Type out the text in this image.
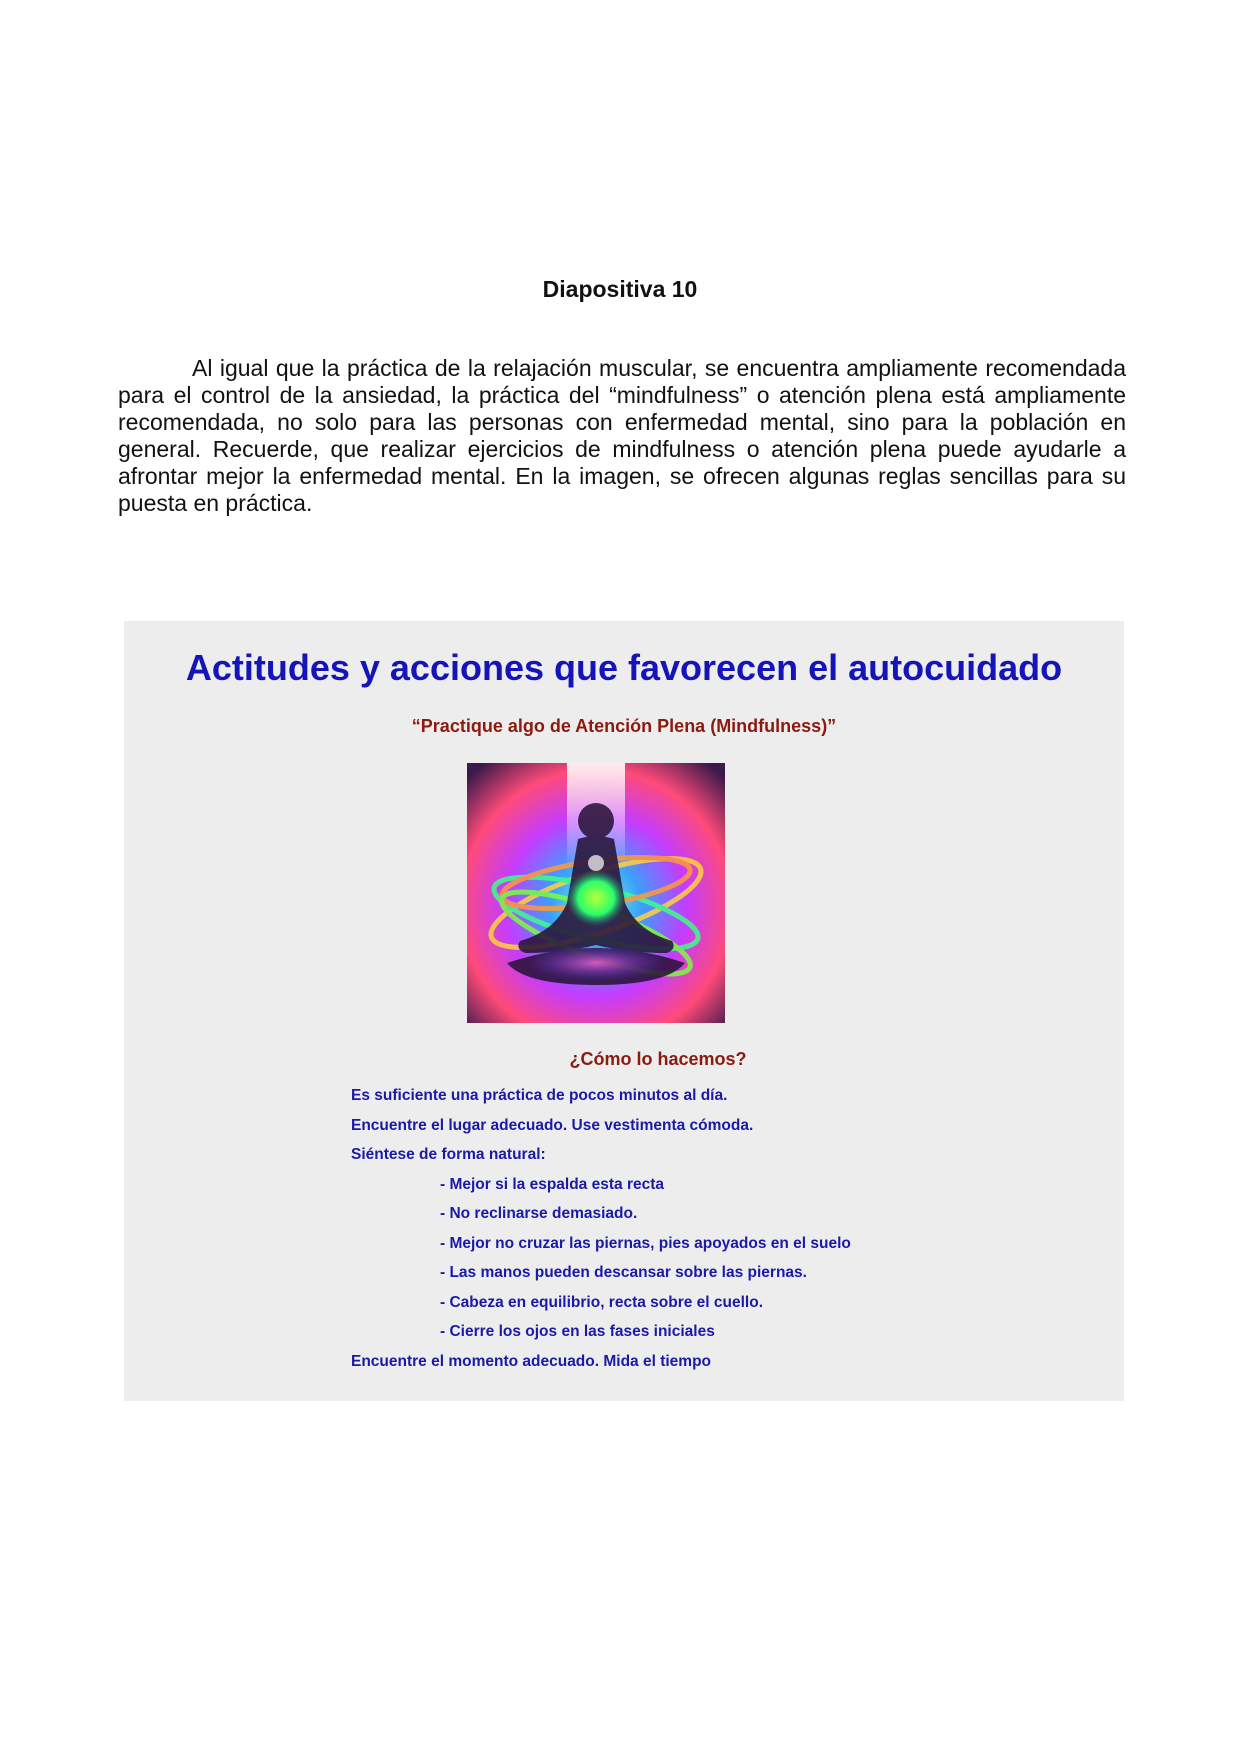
Diapositiva 10

Al igual que la práctica de la relajación muscular, se encuentra ampliamente recomendada para el control de la ansiedad, la práctica del “mindfulness” o atención plena está ampliamente recomendada, no solo para las personas con enfermedad mental, sino para la población en general. Recuerde, que realizar ejercicios de mindfulness o atención plena puede ayudarle a afrontar mejor la enfermedad mental. En la imagen, se ofrecen algunas reglas sencillas para su puesta en práctica.

Actitudes y acciones que favorecen el autocuidado

“Practique algo de Atención Plena (Mindfulness)”

¿Cómo lo hacemos?

Es suficiente una práctica de pocos minutos al día.
Encuentre el lugar adecuado. Use vestimenta cómoda.
Siéntese de forma natural:
- Mejor si la espalda esta recta
- No reclinarse demasiado.
- Mejor no cruzar las piernas, pies apoyados en el suelo
- Las manos pueden descansar sobre las piernas.
- Cabeza en equilibrio, recta sobre el cuello.
- Cierre los ojos en las fases iniciales
Encuentre el momento adecuado. Mida el tiempo
